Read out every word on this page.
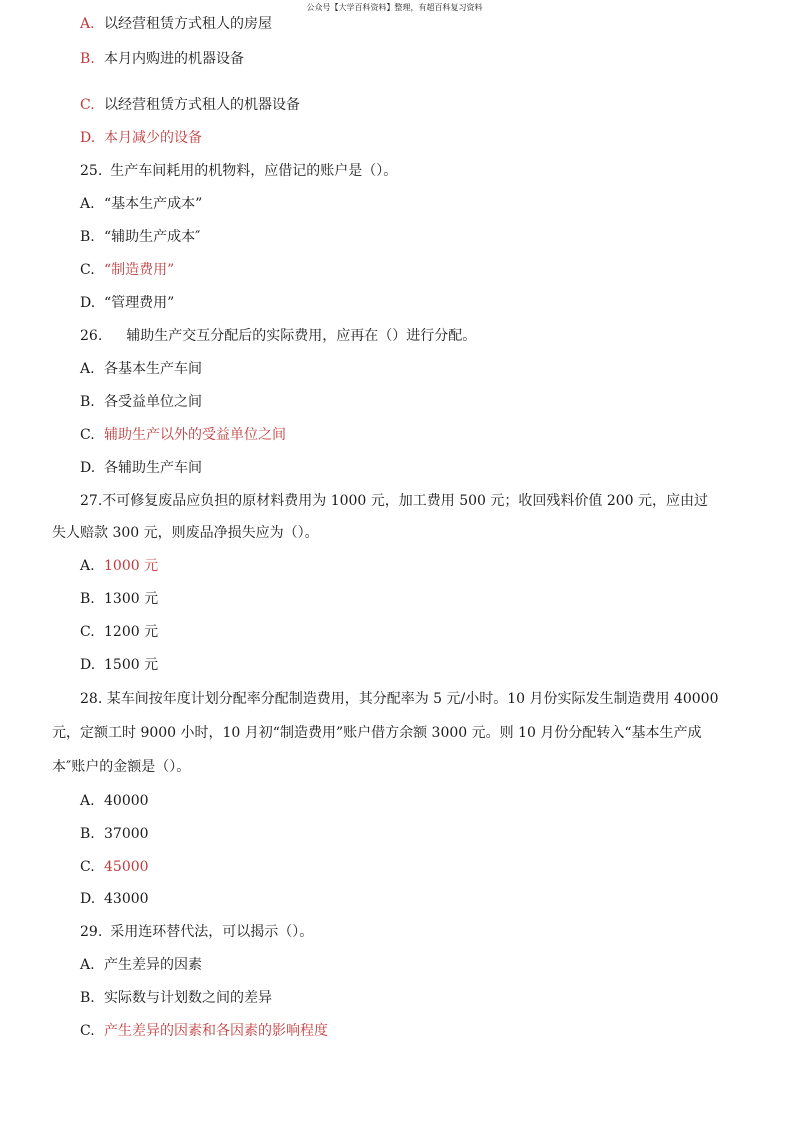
公众号【大学百科资料】整理，有超百科复习资料
A. 以经营租赁方式租人的房屋
B. 本月内购进的机器设备
C. 以经营租赁方式租人的机器设备
D. 本月减少的设备
25. 生产车间耗用的机物料，应借记的账户是（）。
A. “基本生产成本”
B. “辅助生产成本″
C. “制造费用”
D. “管理费用”
26. 辅助生产交互分配后的实际费用，应再在（）进行分配。
A. 各基本生产车间
B. 各受益单位之间
C. 辅助生产以外的受益单位之间
D. 各辅助生产车间
27.不可修复废品应负担的原材料费用为 1000 元，加工费用 500 元；收回残料价值 200 元，应由过
失人赔款 300 元，则废品净损失应为（）。
A. 1000 元
B. 1300 元
C. 1200 元
D. 1500 元
28. 某车间按年度计划分配率分配制造费用，其分配率为 5 元/小时。10 月份实际发生制造费用 40000
元，定额工时 9000 小时，10 月初“制造费用”账户借方余额 3000 元。则 10 月份分配转入“基本生产成
本″账户的金额是（）。
A. 40000
B. 37000
C. 45000
D. 43000
29. 采用连环替代法，可以揭示（）。
A. 产生差异的因素
B. 实际数与计划数之间的差异
C. 产生差异的因素和各因素的影响程度
